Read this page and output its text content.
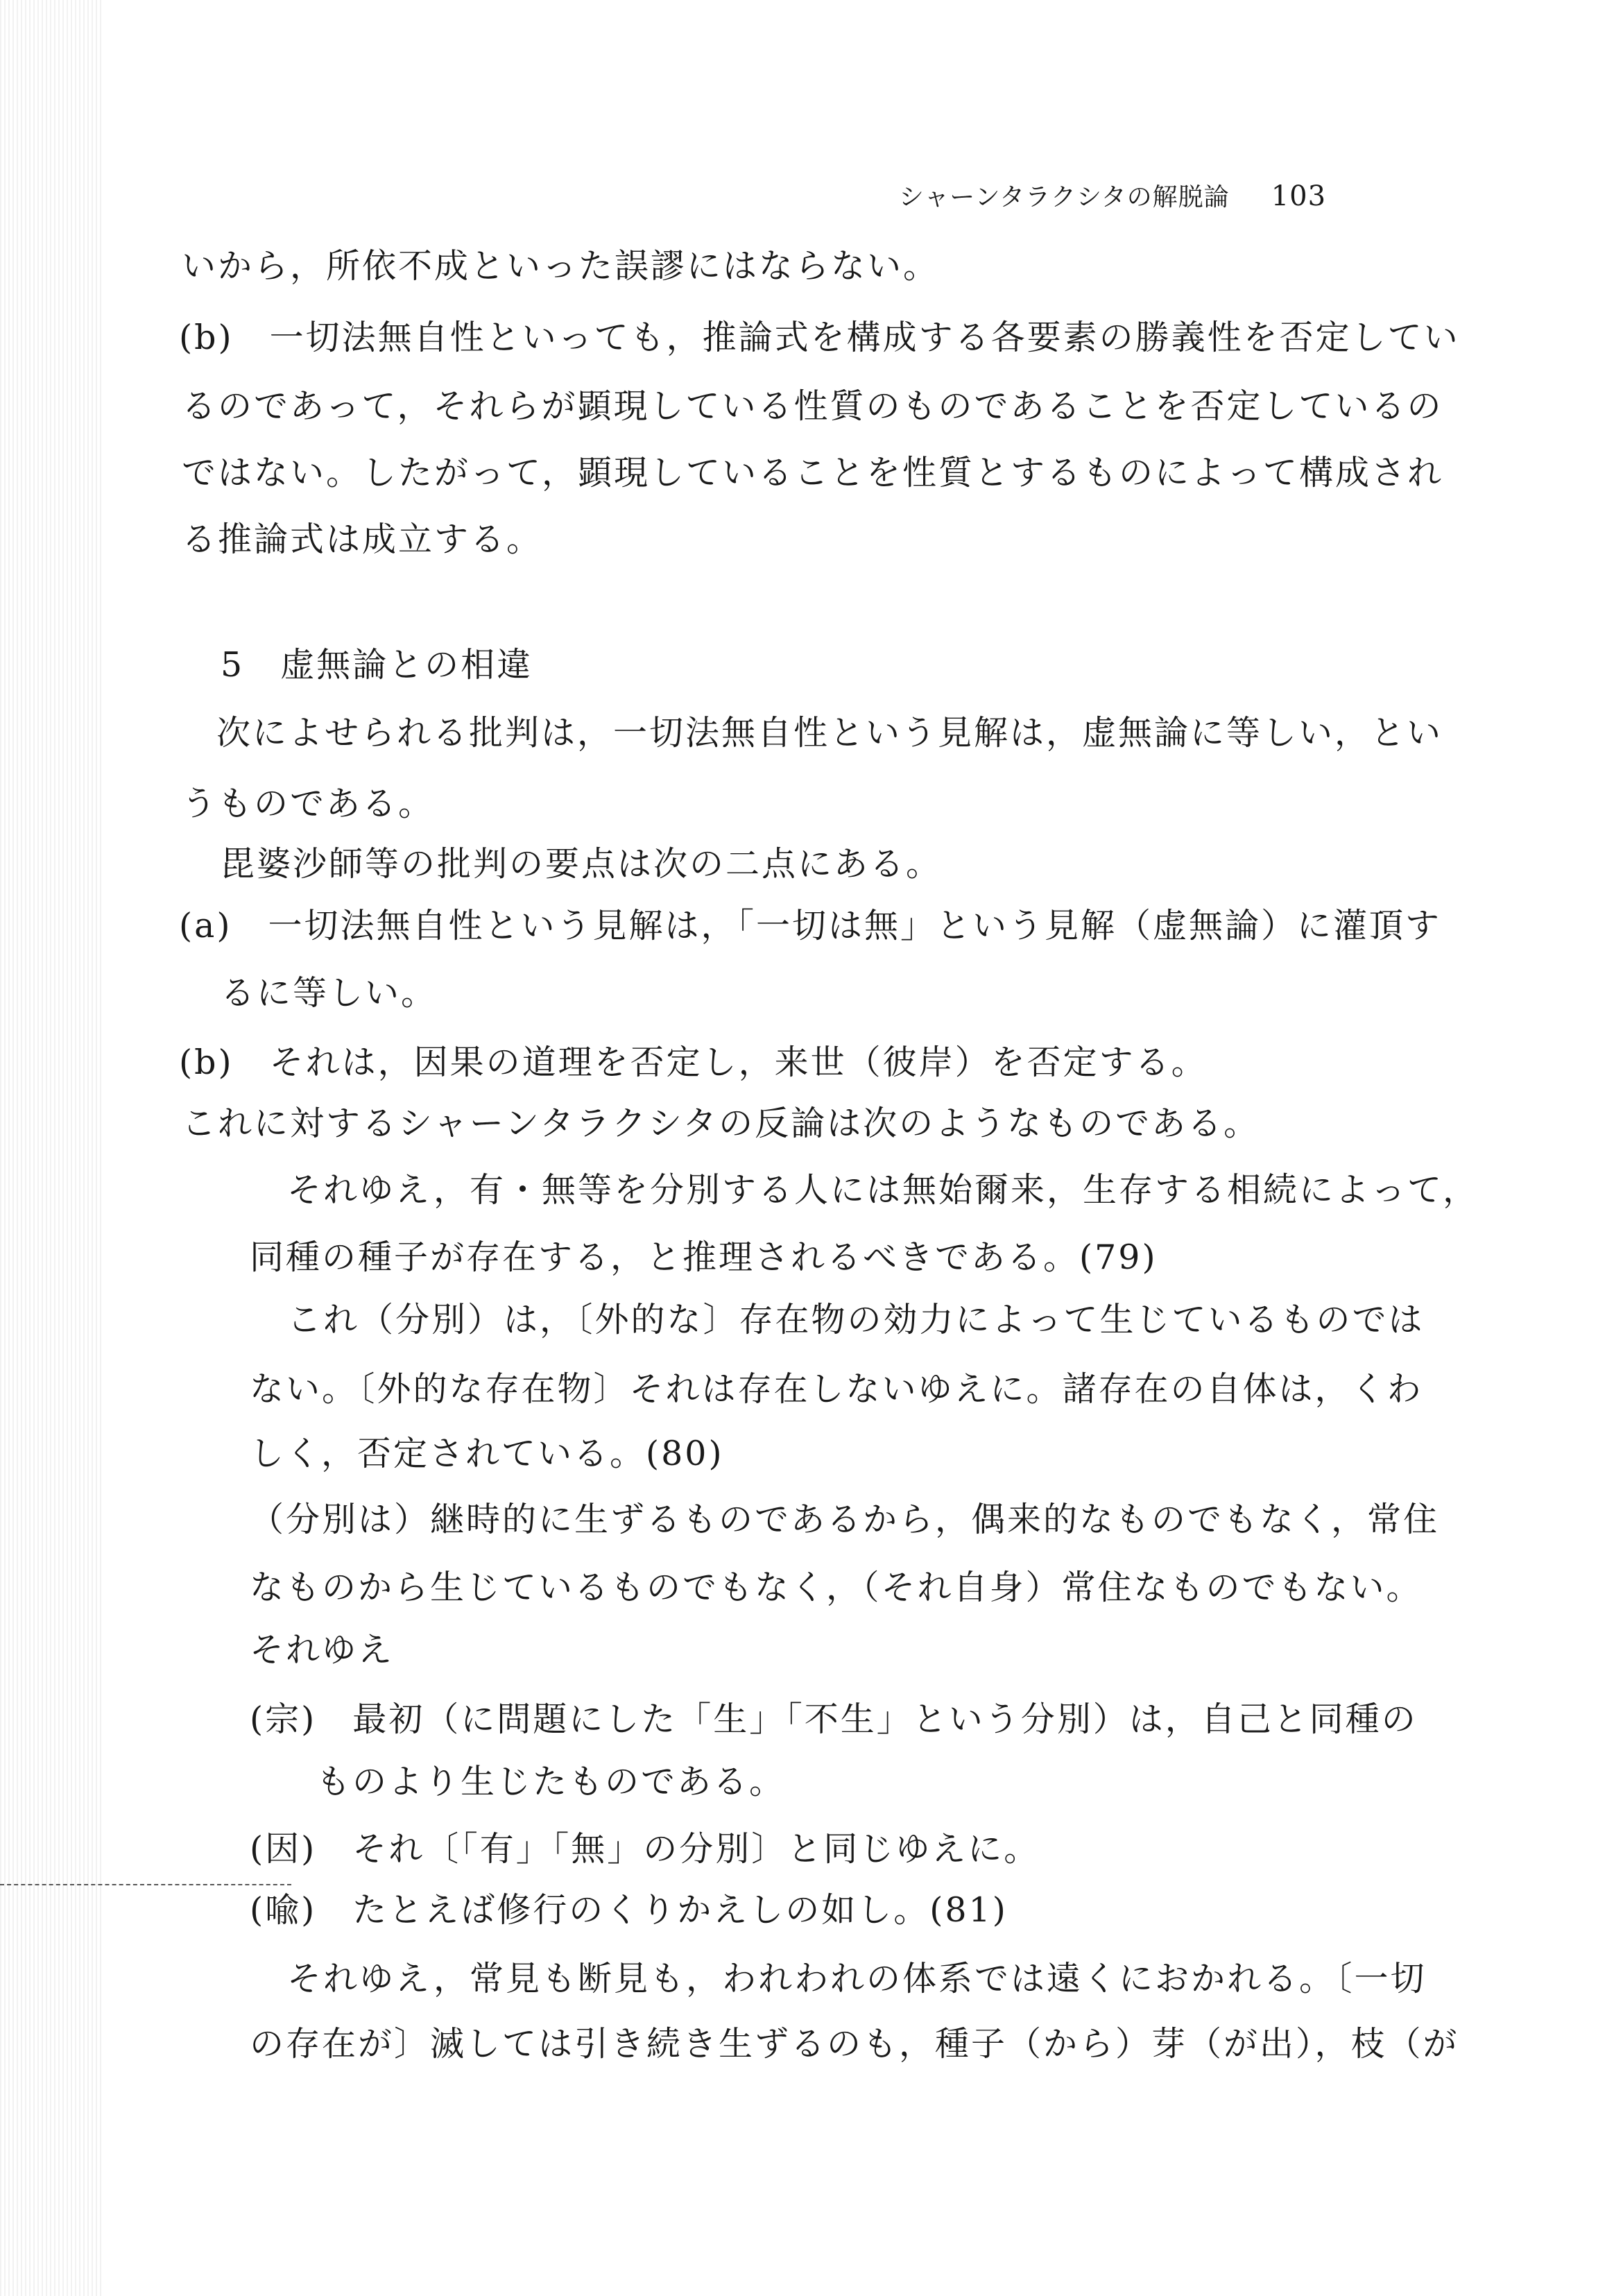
シャーンタラクシタの解脱論 103
いから，所依不成といった誤謬にはならない。
(b)　一切法無自性といっても，推論式を構成する各要素の勝義性を否定してい
るのであって，それらが顕現している性質のものであることを否定しているの
ではない。したがって，顕現していることを性質とするものによって構成され
る推論式は成立する。
5　虚無論との相違
次によせられる批判は，一切法無自性という見解は，虚無論に等しい，とい
うものである。
毘婆沙師等の批判の要点は次の二点にある。
(a)　一切法無自性という見解は，「一切は無」という見解（虚無論）に灌頂す
るに等しい。
(b)　それは，因果の道理を否定し，来世（彼岸）を否定する。
これに対するシャーンタラクシタの反論は次のようなものである。
それゆえ，有・無等を分別する人には無始爾来，生存する相続によって，
同種の種子が存在する，と推理されるべきである。(79)
これ（分別）は，〔外的な〕存在物の効力によって生じているものでは
ない。〔外的な存在物〕それは存在しないゆえに。諸存在の自体は，くわ
しく，否定されている。(80)
（分別は）継時的に生ずるものであるから，偶来的なものでもなく，常住
なものから生じているものでもなく，（それ自身）常住なものでもない。
それゆえ
(宗)　最初（に問題にした「生」「不生」という分別）は，自己と同種の
ものより生じたものである。
(因)　それ〔「有」「無」の分別〕と同じゆえに。
(喩)　たとえば修行のくりかえしの如し。(81)
それゆえ，常見も断見も，われわれの体系では遠くにおかれる。〔一切
の存在が〕滅しては引き続き生ずるのも，種子（から）芽（が出），枝（が
